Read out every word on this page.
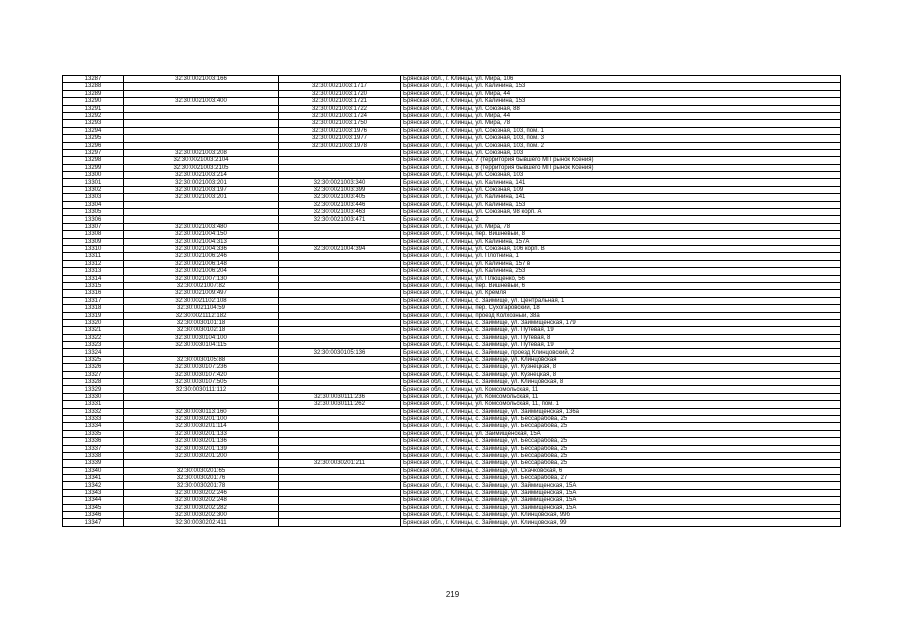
13287	32:30:0021003:166		Брянская обл., г. Клинцы, ул. Мира, 106
13288		32:30:0021003:1717	Брянская обл., г. Клинцы, ул. Калинина, 153
13289		32:30:0021003:1720	Брянская обл., г. Клинцы, ул. Мира, 44
13290	32:30:0021003:400	32:30:0021003:1721	Брянская обл., г. Клинцы, ул. Калинина, 153
13291		32:30:0021003:1722	Брянская обл., г. Клинцы, ул. Союзная, 88
13292		32:30:0021003:1724	Брянская обл., г. Клинцы, ул. Мира, 44
13293		32:30:0021003:1750	Брянская обл., г. Клинцы, ул. Мира, 78
13294		32:30:0021003:1976	Брянская обл., г. Клинцы, ул. Союзная, 103, пом. 1
13295		32:30:0021003:1977	Брянская обл., г. Клинцы, ул. Союзная, 103, пом. 3
13296		32:30:0021003:1978	Брянская обл., г. Клинцы, ул. Союзная, 103, пом. 2
13297	32:30:0021003:208		Брянская обл., г. Клинцы, ул. Союзная, 103
13298	32:30:0021003:2104		Брянская обл., г. Клинцы, 7 (территория бывшего МП рынок Ксения)
13299	32:30:0021003:2105		Брянская обл., г. Клинцы, 8 (территория бывшего МП рынок Ксения)
13300	32:30:0021003:214		Брянская обл., г. Клинцы, ул. Союзная, 103
13301	32:30:0021003:201	32:30:0021003:340	Брянская обл., г. Клинцы, ул. Калинина, 141
13302	32:30:0021003:197	32:30:0021003:399	Брянская обл., г. Клинцы, ул. Союзная, 109
13303	32:30:0021003:201	32:30:0021003:405	Брянская обл., г. Клинцы, ул. Калинина, 141
13304		32:30:0021003:446	Брянская обл., г. Клинцы, ул. Калинина, 153
13305		32:30:0021003:463	Брянская обл., г. Клинцы, ул. Союзная, 98 корп. А
13306		32:30:0021003:471	Брянская обл., г. Клинцы, 2
13307	32:30:0021003:480		Брянская обл., г. Клинцы, ул. Мира, 78
13308	32:30:0021004:150		Брянская обл., г. Клинцы, пер. Вишневый, 8
13309	32:30:0021004:313		Брянская обл., г. Клинцы, ул. Калинина, 157А
13310	32:30:0021004:336	32:30:0021004:394	Брянская обл., г. Клинцы, ул. Союзная, 106 корп. В
13311	32:30:0021006:246		Брянская обл., г. Клинцы, ул. Плотнина, 1
13312	32:30:0021006:148		Брянская обл., г. Клинцы, ул. Калинина, 157 в
13313	32:30:0021006:204		Брянская обл., г. Клинцы, ул. Калинина, 253
13314	32:30:0021007:130		Брянская обл., г. Клинцы, ул. Плющенко, 56
13315	32:30:0021007:82		Брянская обл., г. Клинцы, пер. Вишневый, 6
13316	32:30:0021009:497		Брянская обл., г. Клинцы, ул. Кремля
13317	32:30:0021102:108		Брянская обл., г. Клинцы, с. Займище, ул. Центральная, 1
13318	32:30:0021104:59		Брянская обл., г. Клинцы, пер. Сухогаровский, 18
13319	32:30:0021112:182		Брянская обл., г. Клинцы, проезд Колхозный, 38а
13320	32:30:0030101:18		Брянская обл., г. Клинцы, с. Займище, ул. Займищенская, 179
13321	32:30:0030102:18		Брянская обл., г. Клинцы, с. Займище, ул. Путевая, 19
13322	32:30:0030104:100		Брянская обл., г. Клинцы, с. Займище, ул. Путевая, 8
13323	32:30:0030104:115		Брянская обл., г. Клинцы, с. Займище, ул. Путевая, 19
13324		32:30:0030105:136	Брянская обл., г. Клинцы, с. Займище, проезд Клинцовский, 2
13325	32:30:0030105:88		Брянская обл., г. Клинцы, с. Займище, ул. Клинцовская
13326	32:30:0030107:236		Брянская обл., г. Клинцы, с. Займище, ул. Кузнецкая, 8
13327	32:30:0030107:420		Брянская обл., г. Клинцы, с. Займище, ул. Кузнецкая, 8
13328	32:30:0030107:505		Брянская обл., г. Клинцы, с. Займище, ул. Клинцовская, 8
13329	32:30:0030111:112		Брянская обл., г. Клинцы, ул. Комсомольская, 11
13330		32:30:0030111:236	Брянская обл., г. Клинцы, ул. Комсомольская, 11
13331		32:30:0030111:262	Брянская обл., г. Клинцы, ул. Комсомольская, 11, пом. 1
13332	32:30:0030113:160		Брянская обл., г. Клинцы, с. Займище, ул. Займищенская, 136а
13333	32:30:0030201:100		Брянская обл., г. Клинцы, с. Займище, ул. Бессарабова, 25
13334	32:30:0030201:114		Брянская обл., г. Клинцы, с. Займище, ул. Бессарабова, 25
13335	32:30:0030201:133		Брянская обл., г. Клинцы, ул. Займищенская, 15А
13336	32:30:0030201:136		Брянская обл., г. Клинцы, с. Займище, ул. Бессарабова, 25
13337	32:30:0030201:139		Брянская обл., г. Клинцы, с. Займище, ул. Бессарабова, 25
13338	32:30:0030201:200		Брянская обл., г. Клинцы, с. Займище, ул. Бессарабова, 25
13339		32:30:0030201:211	Брянская обл., г. Клинцы, с. Займище, ул. Бессарабова, 25
13340	32:30:0030201:65		Брянская обл., г. Клинцы, с. Займище, ул. Скачковская, 6
13341	32:30:0030201:76		Брянская обл., г. Клинцы, с. Займище, ул. Бессарабова, 27
13342	32:30:0030201:78		Брянская обл., г. Клинцы, с. Займище, ул. Займищенская, 15А
13343	32:30:0030202:246		Брянская обл., г. Клинцы, с. Займище, ул. Займищенская, 15А
13344	32:30:0030202:248		Брянская обл., г. Клинцы, с. Займище, ул. Займищенская, 15А
13345	32:30:0030202:282		Брянская обл., г. Клинцы, с. Займище, ул. Займищенская, 15А
13346	32:30:0030202:300		Брянская обл., г. Клинцы, с. Займище, ул. Клинцовская, 99б
13347	32:30:0030202:411		Брянская обл., г. Клинцы, с. Займище, ул. Клинцовская, 99
219
